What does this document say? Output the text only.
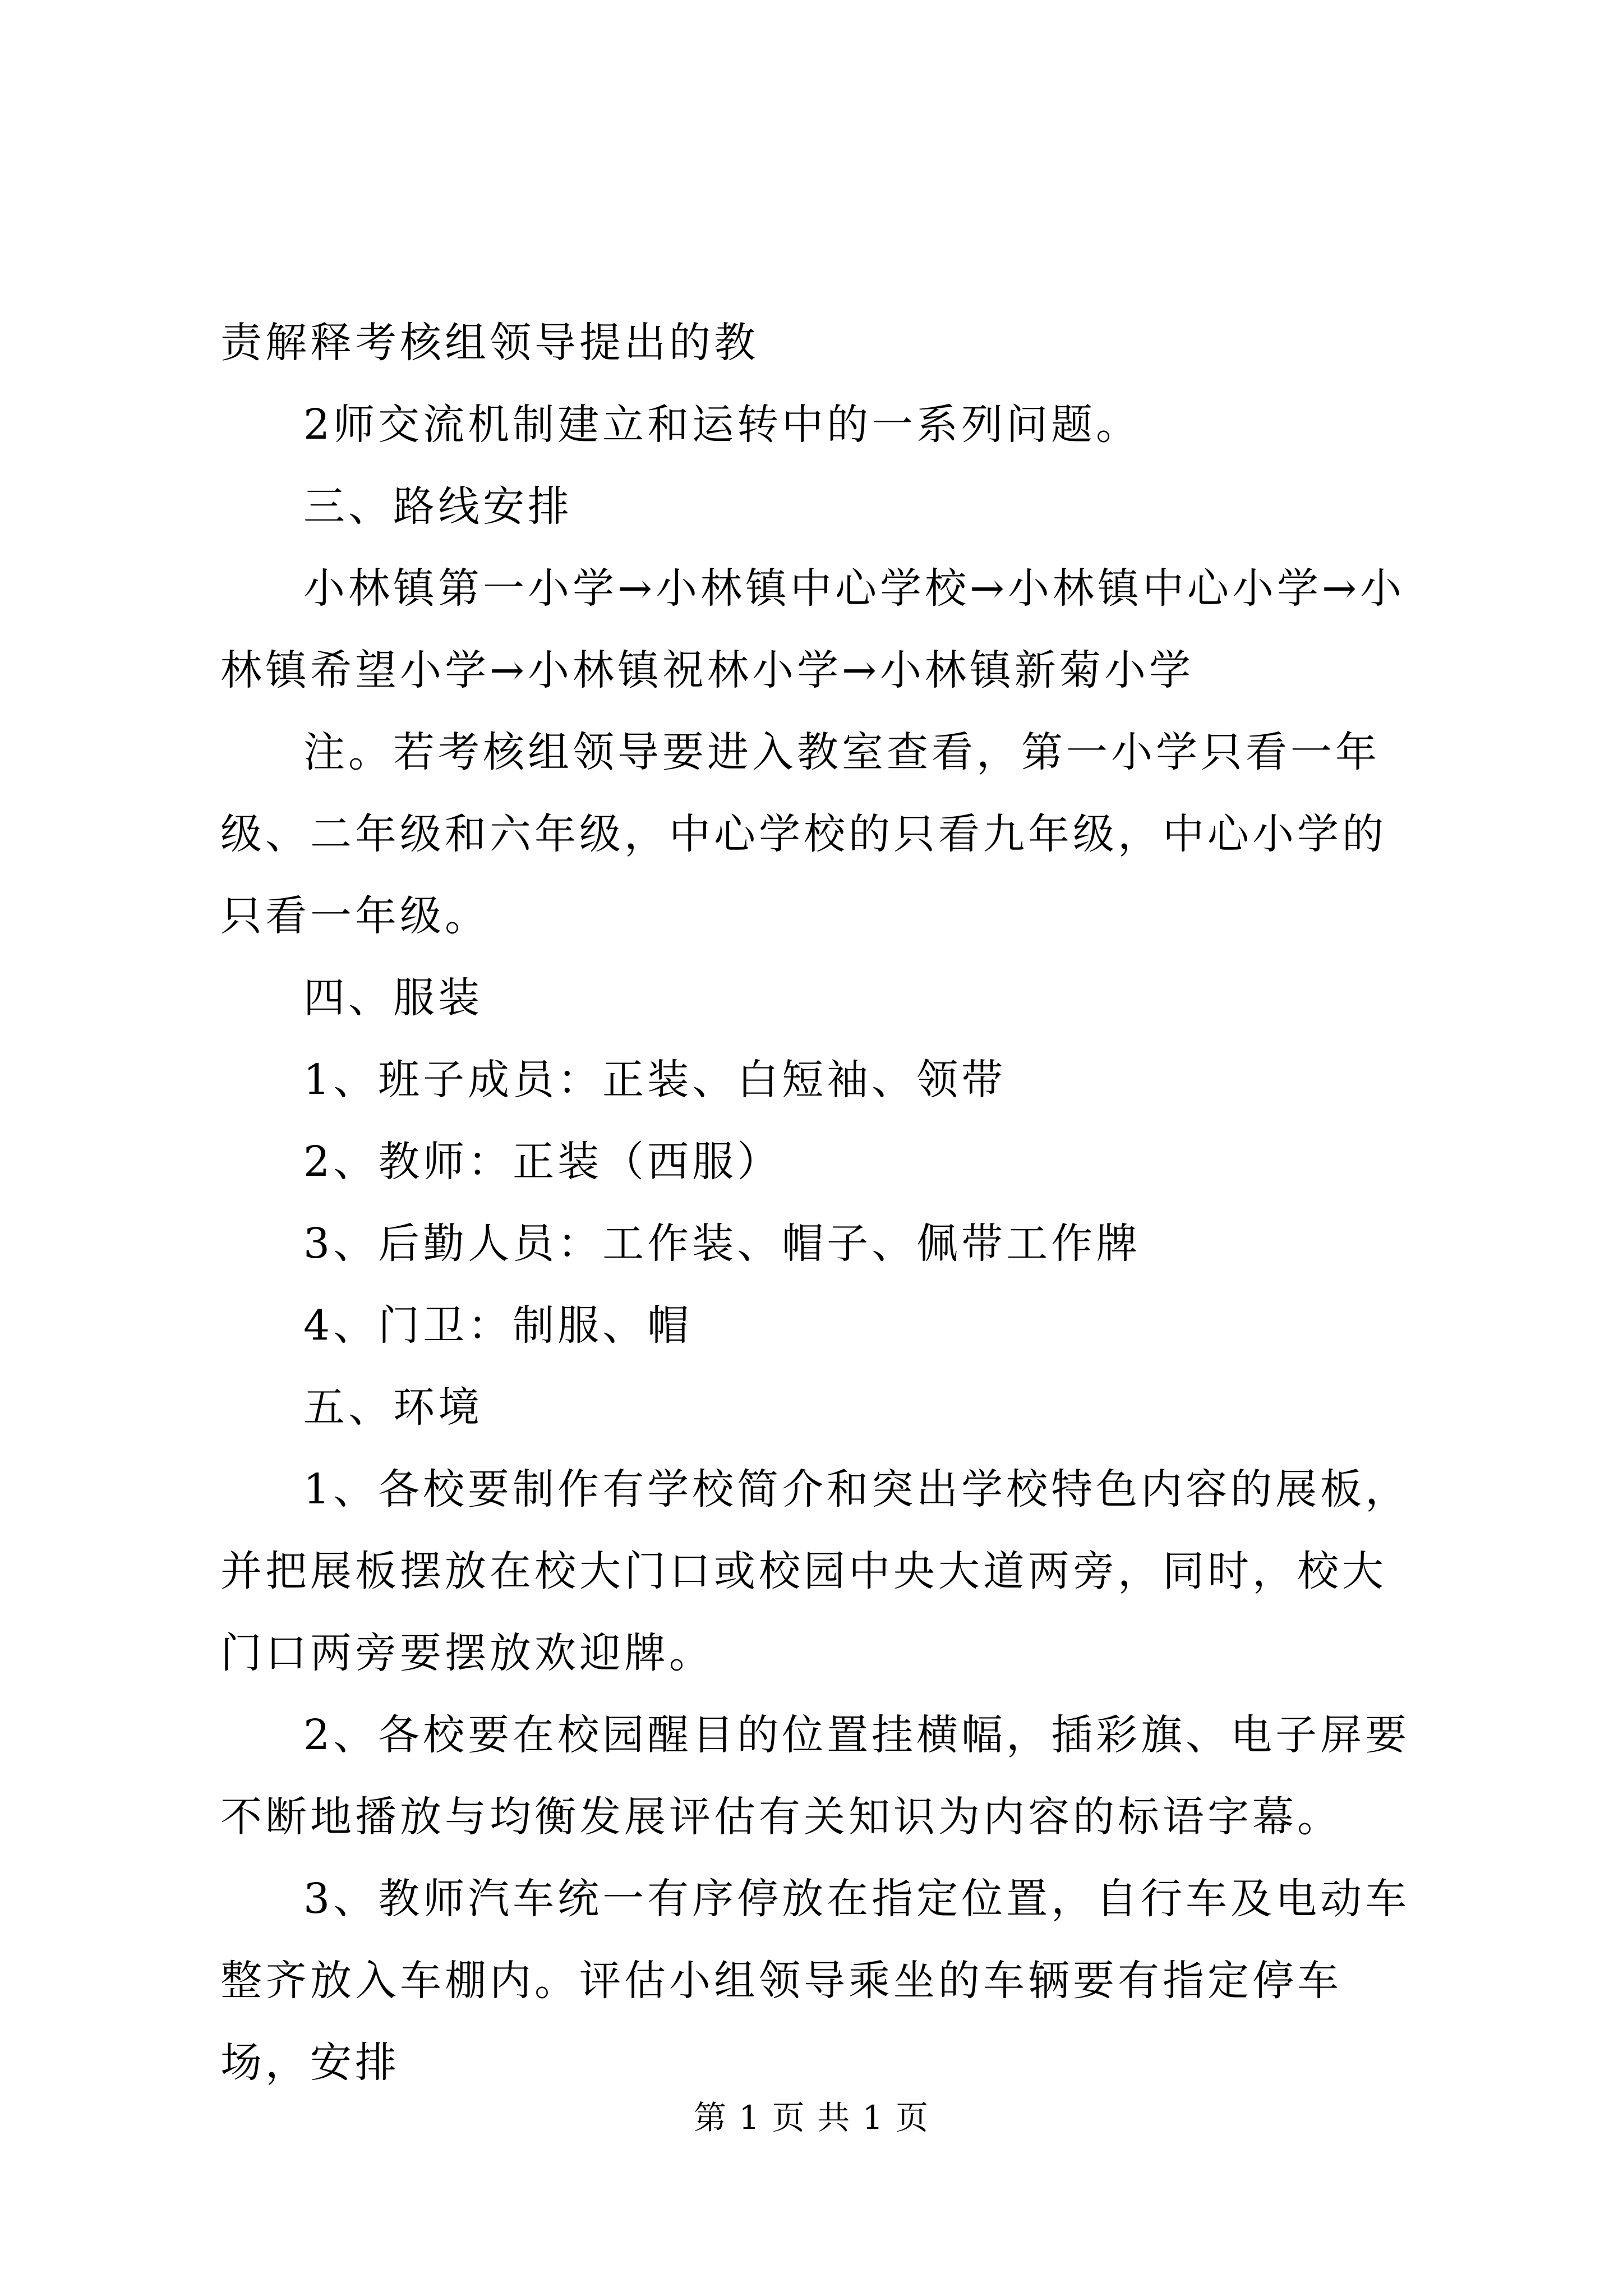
责解释考核组领导提出的教

2师交流机制建立和运转中的一系列问题。

三、路线安排

小林镇第一小学→小林镇中心学校→小林镇中心小学→小林镇希望小学→小林镇祝林小学→小林镇新菊小学

注。若考核组领导要进入教室查看，第一小学只看一年级、二年级和六年级，中心学校的只看九年级，中心小学的只看一年级。

四、服装

1、班子成员：正装、白短袖、领带

2、教师：正装（西服）

3、后勤人员：工作装、帽子、佩带工作牌

4、门卫：制服、帽

五、环境

1、各校要制作有学校简介和突出学校特色内容的展板，并把展板摆放在校大门口或校园中央大道两旁，同时，校大门口两旁要摆放欢迎牌。

2、各校要在校园醒目的位置挂横幅，插彩旗、电子屏要不断地播放与均衡发展评估有关知识为内容的标语字幕。

3、教师汽车统一有序停放在指定位置，自行车及电动车整齐放入车棚内。评估小组领导乘坐的车辆要有指定停车场，安排

第 1 页 共 1 页
